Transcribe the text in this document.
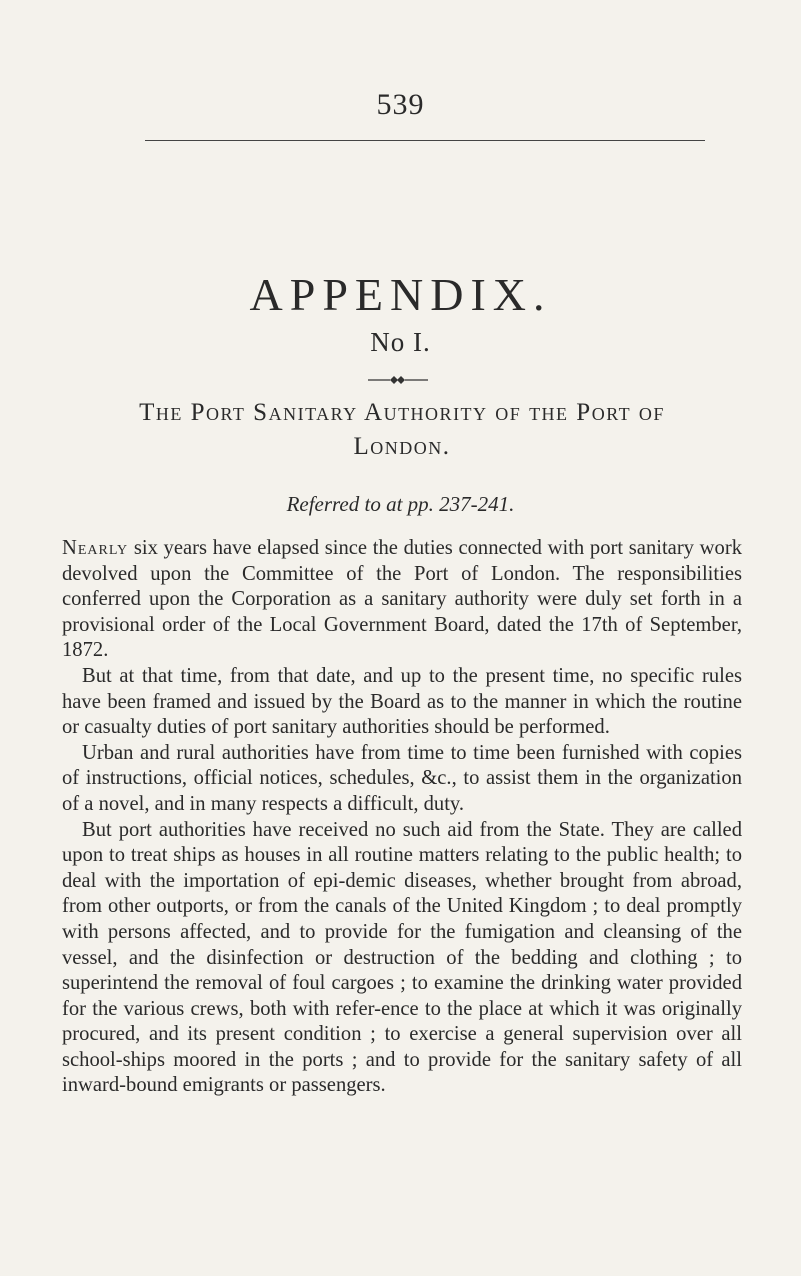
539
APPENDIX.
No I.
The Port Sanitary Authority of the Port of
London.
Referred to at pp. 237-241.

Nearly six years have elapsed since the duties connected with port sanitary work devolved upon the Committee of the Port of London. The responsibilities conferred upon the Corporation as a sanitary authority were duly set forth in a provisional order of the Local Government Board, dated the 17th of September, 1872.

But at that time, from that date, and up to the present time, no specific rules have been framed and issued by the Board as to the manner in which the routine or casualty duties of port sanitary authorities should be performed.

Urban and rural authorities have from time to time been furnished with copies of instructions, official notices, schedules, &c., to assist them in the organization of a novel, and in many respects a difficult, duty.

But port authorities have received no such aid from the State. They are called upon to treat ships as houses in all routine matters relating to the public health; to deal with the importation of epi-demic diseases, whether brought from abroad, from other outports, or from the canals of the United Kingdom ; to deal promptly with persons affected, and to provide for the fumigation and cleansing of the vessel, and the disinfection or destruction of the bedding and clothing ; to superintend the removal of foul cargoes ; to examine the drinking water provided for the various crews, both with refer-ence to the place at which it was originally procured, and its present condition ; to exercise a general supervision over all school-ships moored in the ports ; and to provide for the sanitary safety of all inward-bound emigrants or passengers.
